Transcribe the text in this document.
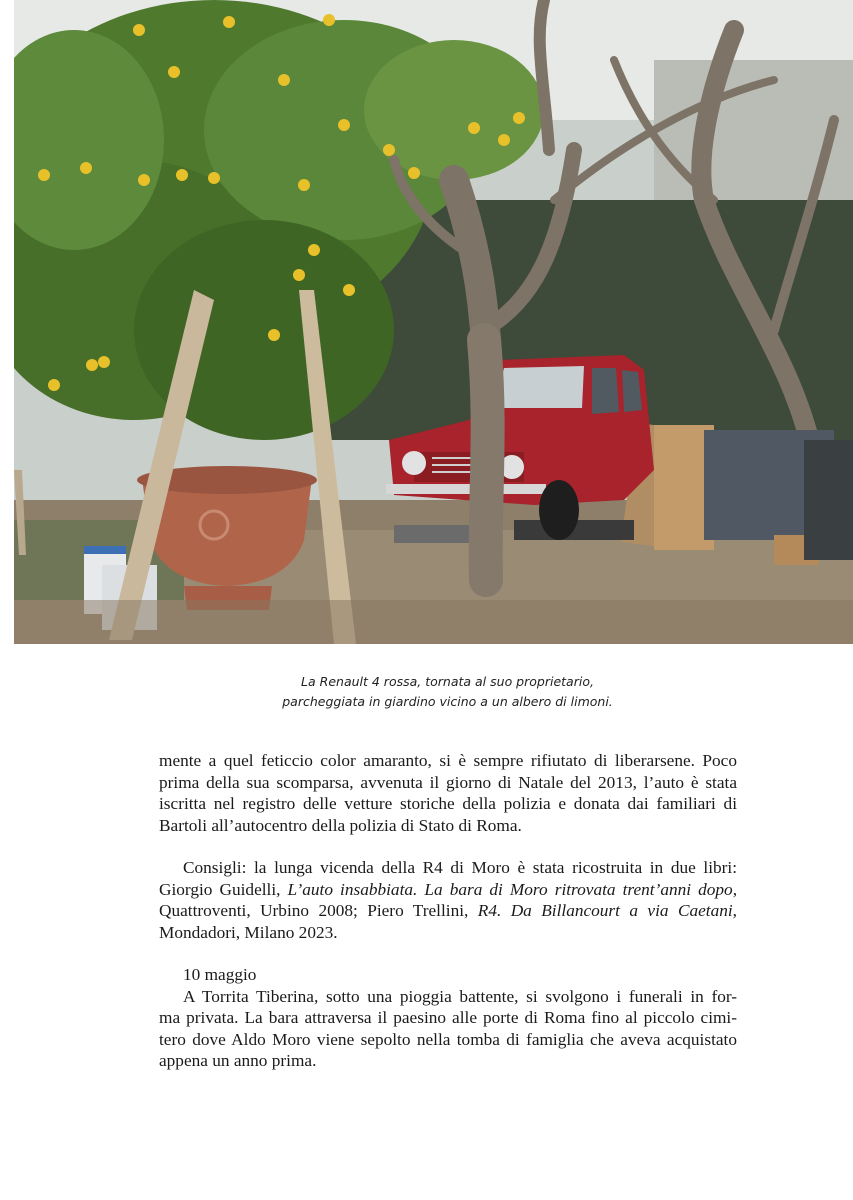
La Renault 4 rossa, tornata al suo proprietario,
parcheggiata in giardino vicino a un albero di limoni.
mente a quel feticcio color amaranto, si è sempre rifiutato di liberarsene. Poco
prima della sua scomparsa, avvenuta il giorno di Natale del 2013, l’auto è stata
iscritta nel registro delle vetture storiche della polizia e donata dai familiari di
Bartoli all’autocentro della polizia di Stato di Roma.
Consigli: la lunga vicenda della R4 di Moro è stata ricostruita in due libri:
Giorgio Guidelli, L’auto insabbiata. La bara di Moro ritrovata trent’anni dopo,
Quattroventi, Urbino 2008; Piero Trellini, R4. Da Billancourt a via Caetani,
Mondadori, Milano 2023.
10 maggio
A Torrita Tiberina, sotto una pioggia battente, si svolgono i funerali in for-
ma privata. La bara attraversa il paesino alle porte di Roma fino al piccolo cimi-
tero dove Aldo Moro viene sepolto nella tomba di famiglia che aveva acquistato
appena un anno prima.
